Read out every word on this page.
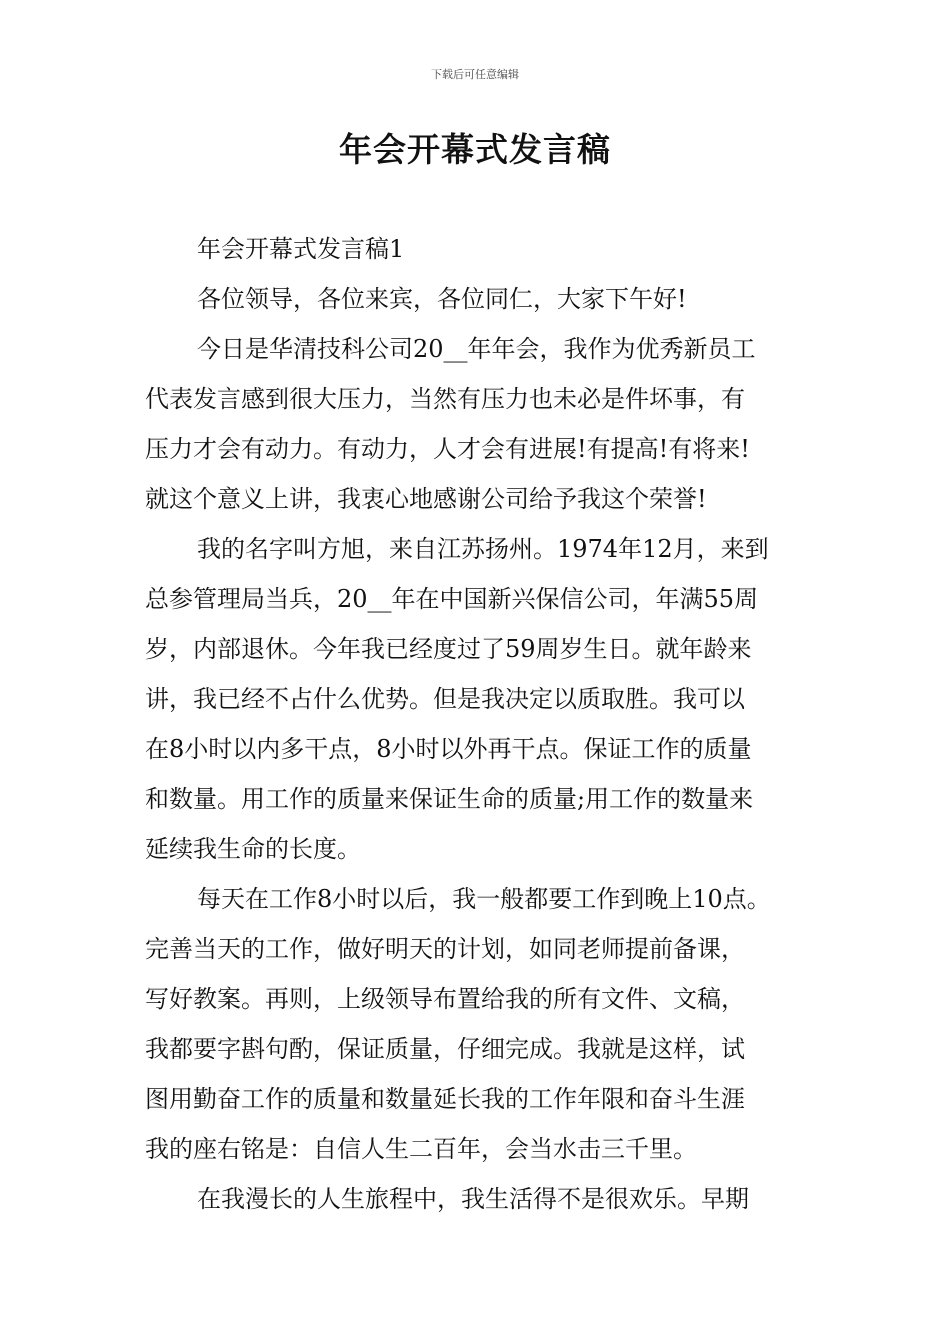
下载后可任意编辑
年会开幕式发言稿
年会开幕式发言稿1
各位领导，各位来宾，各位同仁，大家下午好!
今日是华清技科公司20__年年会，我作为优秀新员工
代表发言感到很大压力，当然有压力也未必是件坏事，有
压力才会有动力。有动力，人才会有进展!有提高!有将来!
就这个意义上讲，我衷心地感谢公司给予我这个荣誉!
我的名字叫方旭，来自江苏扬州。1974年12月，来到
总参管理局当兵，20__年在中国新兴保信公司，年满55周
岁，内部退休。今年我已经度过了59周岁生日。就年龄来
讲，我已经不占什么优势。但是我决定以质取胜。我可以
在8小时以内多干点，8小时以外再干点。保证工作的质量
和数量。用工作的质量来保证生命的质量;用工作的数量来
延续我生命的长度。
每天在工作8小时以后，我一般都要工作到晚上10点。
完善当天的工作，做好明天的计划，如同老师提前备课，
写好教案。再则，上级领导布置给我的所有文件、文稿，
我都要字斟句酌，保证质量，仔细完成。我就是这样，试
图用勤奋工作的质量和数量延长我的工作年限和奋斗生涯
我的座右铭是：自信人生二百年，会当水击三千里。
在我漫长的人生旅程中，我生活得不是很欢乐。早期
